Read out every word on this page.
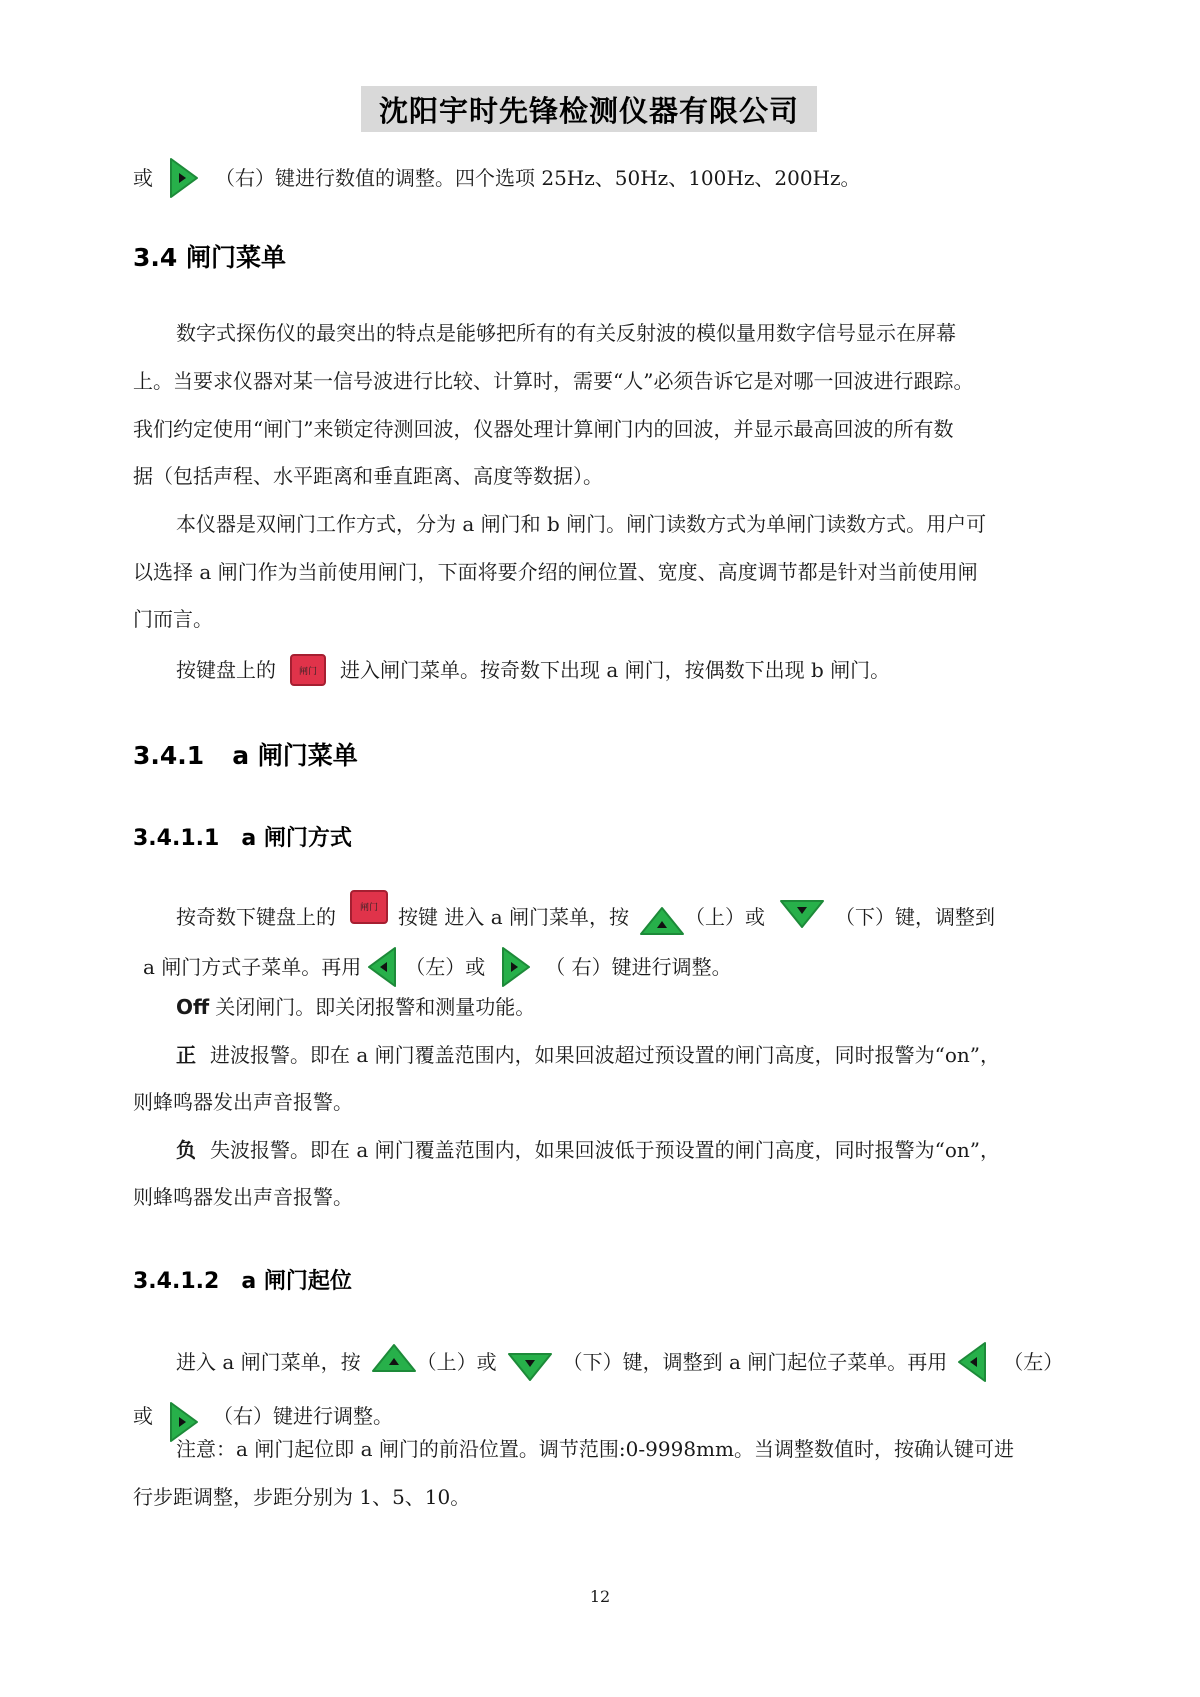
沈阳宇时先锋检测仪器有限公司
或	（右）键进行数值的调整。四个选项 25Hz、50Hz、100Hz、200Hz。
3.4 闸门菜单
数字式探伤仪的最突出的特点是能够把所有的有关反射波的模似量用数字信号显示在屏幕
上。当要求仪器对某一信号波进行比较、计算时，需要“人”必须告诉它是对哪一回波进行跟踪。
我们约定使用“闸门”来锁定待测回波，仪器处理计算闸门内的回波，并显示最高回波的所有数
据（包括声程、水平距离和垂直距离、高度等数据）。
本仪器是双闸门工作方式，分为 a 闸门和 b 闸门。闸门读数方式为单闸门读数方式。用户可
以选择 a 闸门作为当前使用闸门，下面将要介绍的闸位置、宽度、高度调节都是针对当前使用闸
门而言。
按键盘上的	闸门 进入闸门菜单。按奇数下出现 a 闸门，按偶数下出现 b 闸门。
3.4.1 a 闸门菜单
3.4.1.1 a 闸门方式
按奇数下键盘上的	闸门 按键 进入 a 闸门菜单，按	（上）或	（下）键，调整到
a 闸门方式子菜单。再用 （左）或	（ 右）键进行调整。
Off 关闭闸门。即关闭报警和测量功能。
正 进波报警。即在 a 闸门覆盖范围内，如果回波超过预设置的闸门高度，同时报警为“on”，
则蜂鸣器发出声音报警。
负 失波报警。即在 a 闸门覆盖范围内，如果回波低于预设置的闸门高度，同时报警为“on”，
则蜂鸣器发出声音报警。
3.4.1.2 a 闸门起位
进入 a 闸门菜单，按	（上）或	（下）键，调整到 a 闸门起位子菜单。再用	（左）
或	（右）键进行调整。
注意：a 闸门起位即 a 闸门的前沿位置。调节范围:0-9998mm。当调整数值时，按确认键可进
行步距调整，步距分别为 1、5、10。
12
